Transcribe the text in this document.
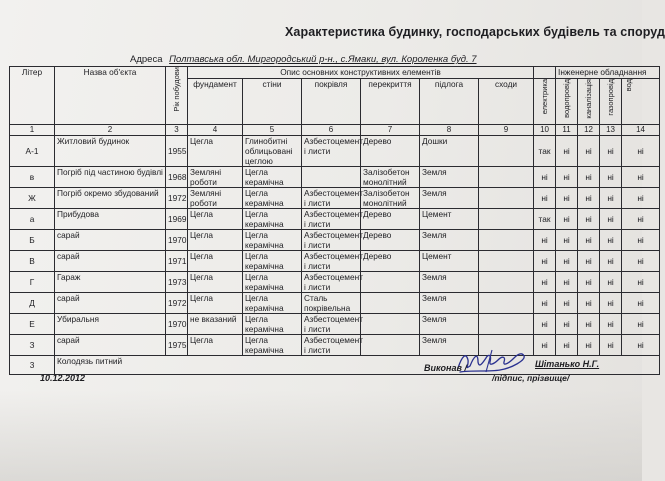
Характеристика будинку, господарських будівель та споруд
Адреса Полтавська обл. Миргородський р-н., с.Ямаки, вул. Короленка буд. 7
Літер	Назва об'єкта	Рік побудови	Опис основних конструктивних елементів							Інженерне обладнання			
			фундамент	стіни	покрівля	перекриття	підлога	сходи	електрика	водопровід	каналізація	газопровід	вод
1	2	3	4	5	6	7	8	9	10	11	12	13	14
А-1	Житловий будинок	1955	Цегла	Глинобитні облицьовані цеглою	Азбестоцемент і листи	Дерево	Дошки		так	ні	ні	ні	ні
в	Погріб під частиною будівлі	1968	Земляні роботи	Цегла керамічна		Залізобетон монолітний	Земля		ні	ні	ні	ні	ні
Ж	Погріб окремо збудований	1972	Земляні роботи	Цегла керамічна	Азбестоцемент і листи	Залізобетон монолітний	Земля		ні	ні	ні	ні	ні
а	Прибудова	1969	Цегла	Цегла керамічна	Азбестоцемент і листи	Дерево	Цемент		так	ні	ні	ні	ні
Б	сарай	1970	Цегла	Цегла керамічна	Азбестоцемент і листи	Дерево	Земля		ні	ні	ні	ні	ні
В	сарай	1971	Цегла	Цегла керамічна	Азбестоцемент і листи	Дерево	Цемент		ні	ні	ні	ні	ні
Г	Гараж	1973	Цегла	Цегла керамічна	Азбестоцемент і листи		Земля		ні	ні	ні	ні	ні
Д	сарай	1972	Цегла	Цегла керамічна	Сталь покрівельна		Земля		ні	ні	ні	ні	ні
Е	Убиральня	1970	не вказаний	Цегла керамічна	Азбестоцемент і листи		Земля		ні	ні	ні	ні	ні
З	сарай	1975	Цегла	Цегла керамічна	Азбестоцемент і листи		Земля		ні	ні	ні	ні	ні
3	Колодязь питний												
10.12.2012
Виконав /	Шітанько Н.Г.
/підпис, прізвище/
